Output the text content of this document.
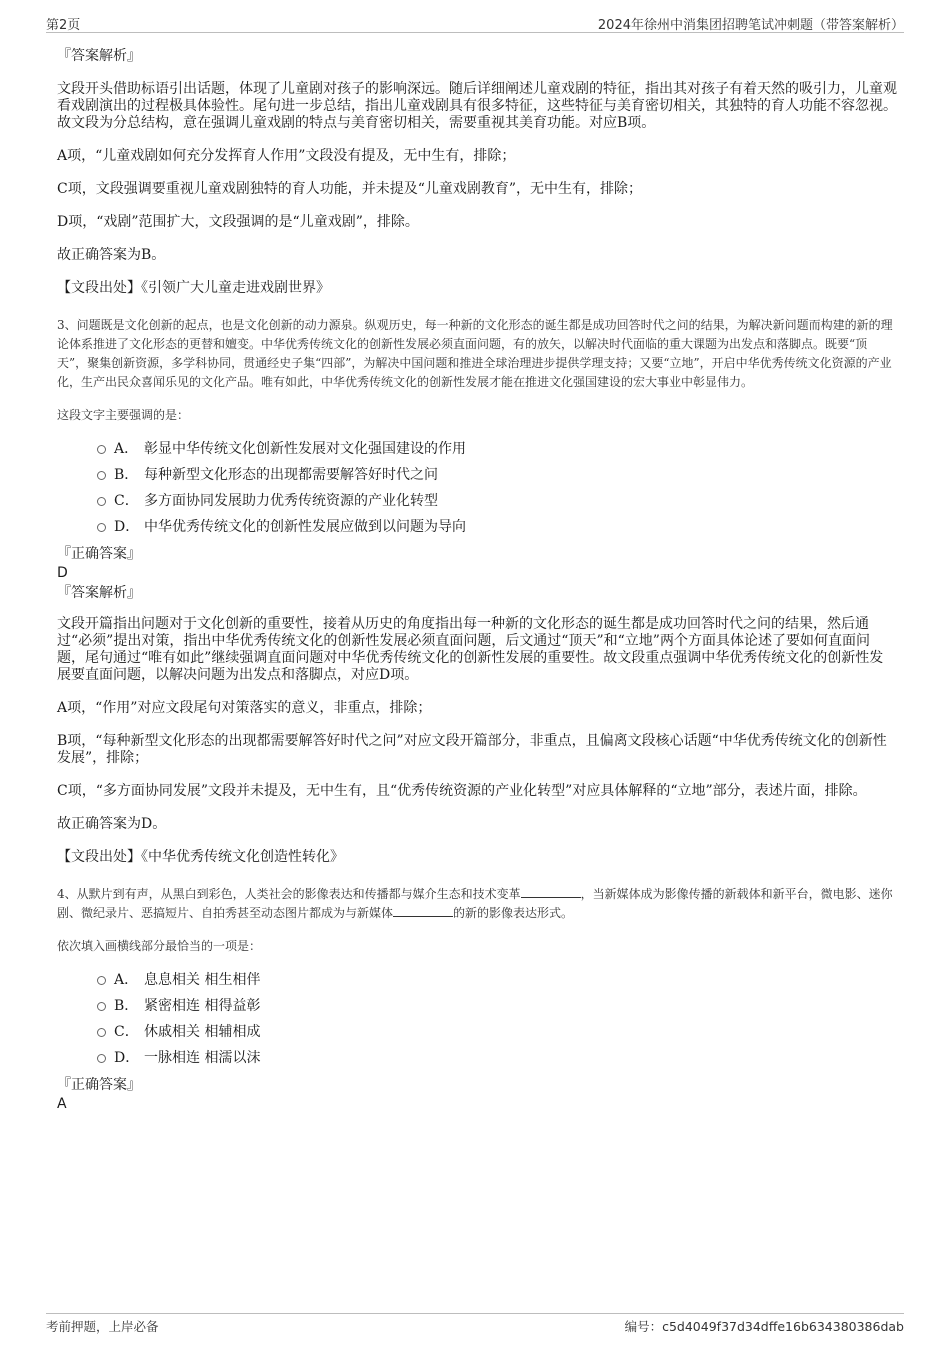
第2页	2024年徐州中消集团招聘笔试冲刺题（带答案解析）

『答案解析』

文段开头借助标语引出话题，体现了儿童剧对孩子的影响深远。随后详细阐述儿童戏剧的特征，指出其对孩子有着天然的吸引力，儿童观看戏剧演出的过程极具体验性。尾句进一步总结，指出儿童戏剧具有很多特征，这些特征与美育密切相关，其独特的育人功能不容忽视。故文段为分总结构，意在强调儿童戏剧的特点与美育密切相关，需要重视其美育功能。对应B项。

A项，“儿童戏剧如何充分发挥育人作用”文段没有提及，无中生有，排除；

C项，文段强调要重视儿童戏剧独特的育人功能，并未提及“儿童戏剧教育”，无中生有，排除；

D项，“戏剧”范围扩大，文段强调的是“儿童戏剧”，排除。

故正确答案为B。

【文段出处】《引领广大儿童走进戏剧世界》

3、问题既是文化创新的起点，也是文化创新的动力源泉。纵观历史，每一种新的文化形态的诞生都是成功回答时代之问的结果，为解决新问题而构建的新的理论体系推进了文化形态的更替和嬗变。中华优秀传统文化的创新性发展必须直面问题，有的放矢，以解决时代面临的重大课题为出发点和落脚点。既要“顶天”，聚集创新资源，多学科协同，贯通经史子集“四部”，为解决中国问题和推进全球治理进步提供学理支持；又要“立地”，开启中华优秀传统文化资源的产业化，生产出民众喜闻乐见的文化产品。唯有如此，中华优秀传统文化的创新性发展才能在推进文化强国建设的宏大事业中彰显伟力。

这段文字主要强调的是：

A． 彰显中华传统文化创新性发展对文化强国建设的作用
B． 每种新型文化形态的出现都需要解答好时代之问
C． 多方面协同发展助力优秀传统资源的产业化转型
D． 中华优秀传统文化的创新性发展应做到以问题为导向

『正确答案』

D

『答案解析』

文段开篇指出问题对于文化创新的重要性，接着从历史的角度指出每一种新的文化形态的诞生都是成功回答时代之问的结果，然后通过“必须”提出对策，指出中华优秀传统文化的创新性发展必须直面问题，后文通过“顶天”和“立地”两个方面具体论述了要如何直面问题，尾句通过“唯有如此”继续强调直面问题对中华优秀传统文化的创新性发展的重要性。故文段重点强调中华优秀传统文化的创新性发展要直面问题，以解决问题为出发点和落脚点，对应D项。

A项，“作用”对应文段尾句对策落实的意义，非重点，排除；

B项，“每种新型文化形态的出现都需要解答好时代之问”对应文段开篇部分，非重点，且偏离文段核心话题“中华优秀传统文化的创新性发展”，排除；

C项，“多方面协同发展”文段并未提及，无中生有，且“优秀传统资源的产业化转型”对应具体解释的“立地”部分，表述片面，排除。

故正确答案为D。

【文段出处】《中华优秀传统文化创造性转化》

4、从默片到有声，从黑白到彩色，人类社会的影像表达和传播都与媒介生态和技术变革	，当新媒体成为影像传播的新载体和新平台，微电影、迷你剧、微纪录片、恶搞短片、自拍秀甚至动态图片都成为与新媒体	的新的影像表达形式。

依次填入画横线部分最恰当的一项是：

A． 息息相关 相生相伴
B． 紧密相连 相得益彰
C． 休戚相关 相辅相成
D． 一脉相连 相濡以沫

『正确答案』

A

考前押题，上岸必备	编号：c5d4049f37d34dffe16b634380386dab
